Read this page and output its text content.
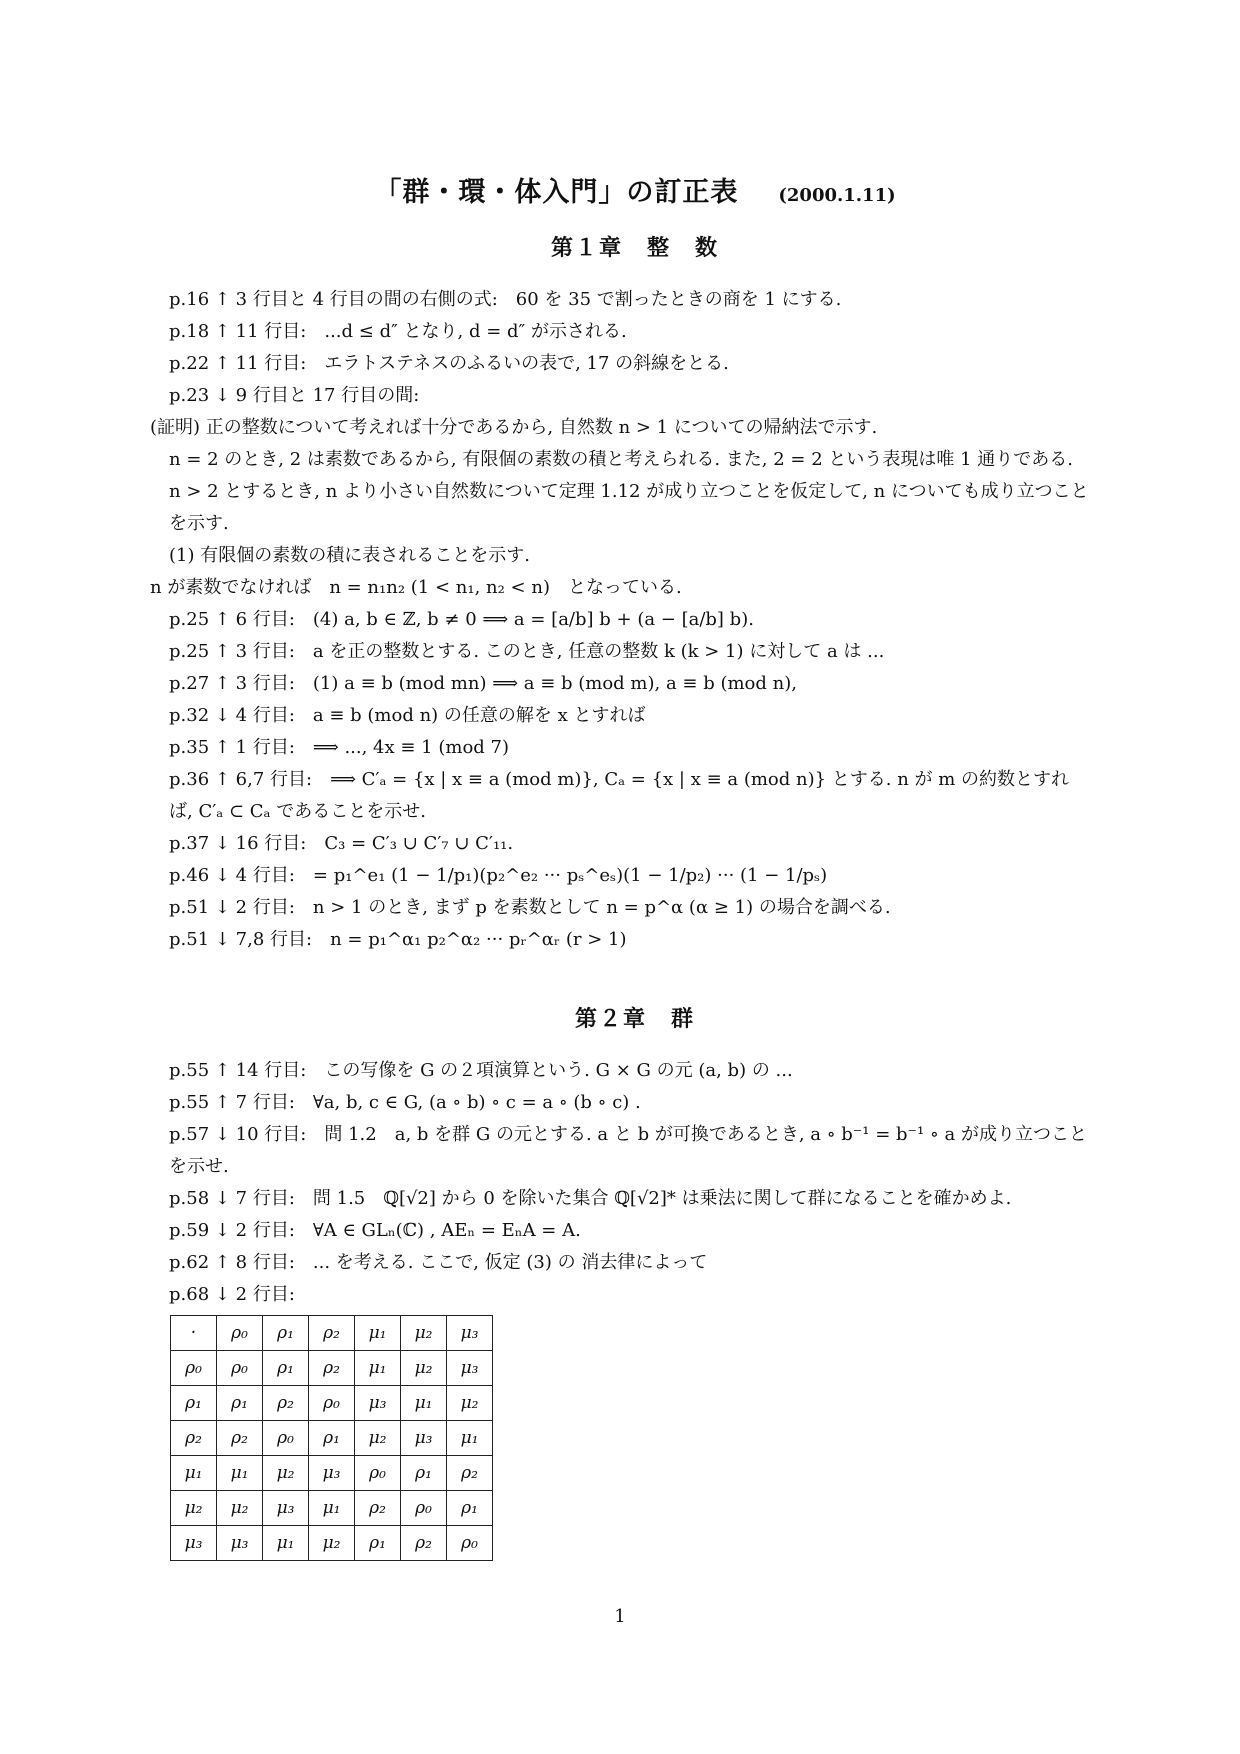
「群・環・体入門」の訂正表 (2000.1.11)
第１章　整　数

p.16 ↑ 3 行目と 4 行目の間の右側の式:　60 を 35 で割ったときの商を 1 にする.

p.18 ↑ 11 行目:　...d ≤ d″ となり, d = d″ が示される.

p.22 ↑ 11 行目:　エラトステネスのふるいの表で, 17 の斜線をとる.

p.23 ↓ 9 行目と 17 行目の間:

(証明) 正の整数について考えれば十分であるから, 自然数 n > 1 についての帰納法で示す.

n = 2 のとき, 2 は素数であるから, 有限個の素数の積と考えられる. また, 2 = 2 という表現は唯 1 通りである.

n > 2 とするとき, n より小さい自然数について定理 1.12 が成り立つことを仮定して, n についても成り立つことを示す.

(1) 有限個の素数の積に表されることを示す.

n が素数でなければ　n = n₁n₂ (1 < n₁, n₂ < n)　となっている.

p.25 ↑ 6 行目:　(4) a, b ∈ ℤ, b ≠ 0 ⟹ a = [a/b] b + (a − [a/b] b).

p.25 ↑ 3 行目:　a を正の整数とする. このとき, 任意の整数 k (k > 1) に対して a は ...

p.27 ↑ 3 行目:　(1) a ≡ b (mod mn) ⟹ a ≡ b (mod m), a ≡ b (mod n),

p.32 ↓ 4 行目:　a ≡ b (mod n) の任意の解を x とすれば

p.35 ↑ 1 行目:　⟹ ..., 4x ≡ 1 (mod 7)

p.36 ↑ 6,7 行目:　⟹ C′ₐ = {x | x ≡ a (mod m)}, Cₐ = {x | x ≡ a (mod n)} とする. n が m の約数とすれば, C′ₐ ⊂ Cₐ であることを示せ.

p.37 ↓ 16 行目:　C₃ = C′₃ ∪ C′₇ ∪ C′₁₁.

p.46 ↓ 4 行目:　= p₁^e₁ (1 − 1/p₁)(p₂^e₂ ··· pₛ^eₛ)(1 − 1/p₂) ··· (1 − 1/pₛ)

p.51 ↓ 2 行目:　n > 1 のとき, まず p を素数として n = p^α (α ≥ 1) の場合を調べる.

p.51 ↓ 7,8 行目:　n = p₁^α₁ p₂^α₂ ··· pᵣ^αᵣ (r > 1)

第２章　群

p.55 ↑ 14 行目:　この写像を G の２項演算という. G × G の元 (a, b) の ...

p.55 ↑ 7 行目:　∀a, b, c ∈ G, (a ∘ b) ∘ c = a ∘ (b ∘ c) .

p.57 ↓ 10 行目:　問 1.2　a, b を群 G の元とする. a と b が可換であるとき, a ∘ b⁻¹ = b⁻¹ ∘ a が成り立つことを示せ.

p.58 ↓ 7 行目:　問 1.5　ℚ[√2] から 0 を除いた集合 ℚ[√2]* は乗法に関して群になることを確かめよ.

p.59 ↓ 2 行目:　∀A ∈ GLₙ(ℂ) , AEₙ = EₙA = A.

p.62 ↑ 8 行目:　... を考える. ここで, 仮定 (3) の 消去律によって

p.68 ↓ 2 行目:

·	ρ₀	ρ₁	ρ₂	μ₁	μ₂	μ₃
ρ₀	ρ₀	ρ₁	ρ₂	μ₁	μ₂	μ₃
ρ₁	ρ₁	ρ₂	ρ₀	μ₃	μ₁	μ₂
ρ₂	ρ₂	ρ₀	ρ₁	μ₂	μ₃	μ₁
μ₁	μ₁	μ₂	μ₃	ρ₀	ρ₁	ρ₂
μ₂	μ₂	μ₃	μ₁	ρ₂	ρ₀	ρ₁
μ₃	μ₃	μ₁	μ₂	ρ₁	ρ₂	ρ₀
1
